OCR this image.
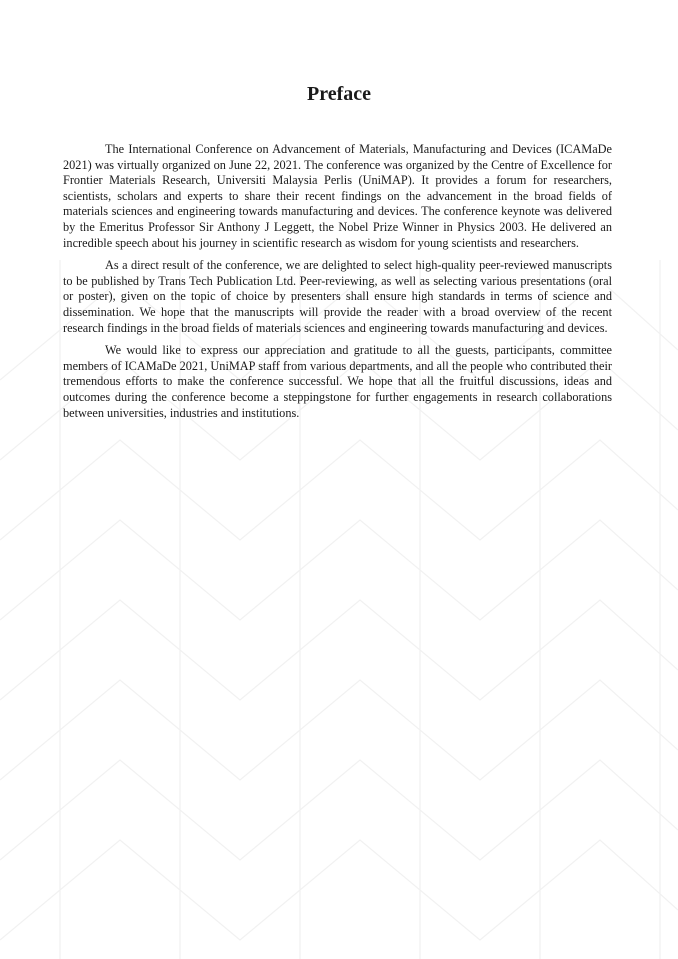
Preface

The International Conference on Advancement of Materials, Manufacturing and Devices (ICAMaDe 2021) was virtually organized on June 22, 2021. The conference was organized by the Centre of Excellence for Frontier Materials Research, Universiti Malaysia Perlis (UniMAP). It provides a forum for researchers, scientists, scholars and experts to share their recent findings on the advancement in the broad fields of materials sciences and engineering towards manufacturing and devices. The conference keynote was delivered by the Emeritus Professor Sir Anthony J Leggett, the Nobel Prize Winner in Physics 2003. He delivered an incredible speech about his journey in scientific research as wisdom for young scientists and researchers.

As a direct result of the conference, we are delighted to select high-quality peer-reviewed manuscripts to be published by Trans Tech Publication Ltd. Peer-reviewing, as well as selecting various presentations (oral or poster), given on the topic of choice by presenters shall ensure high standards in terms of science and dissemination. We hope that the manuscripts will provide the reader with a broad overview of the recent research findings in the broad fields of materials sciences and engineering towards manufacturing and devices.

We would like to express our appreciation and gratitude to all the guests, participants, committee members of ICAMaDe 2021, UniMAP staff from various departments, and all the people who contributed their tremendous efforts to make the conference successful. We hope that all the fruitful discussions, ideas and outcomes during the conference become a steppingstone for further engagements in research collaborations between universities, industries and institutions.
